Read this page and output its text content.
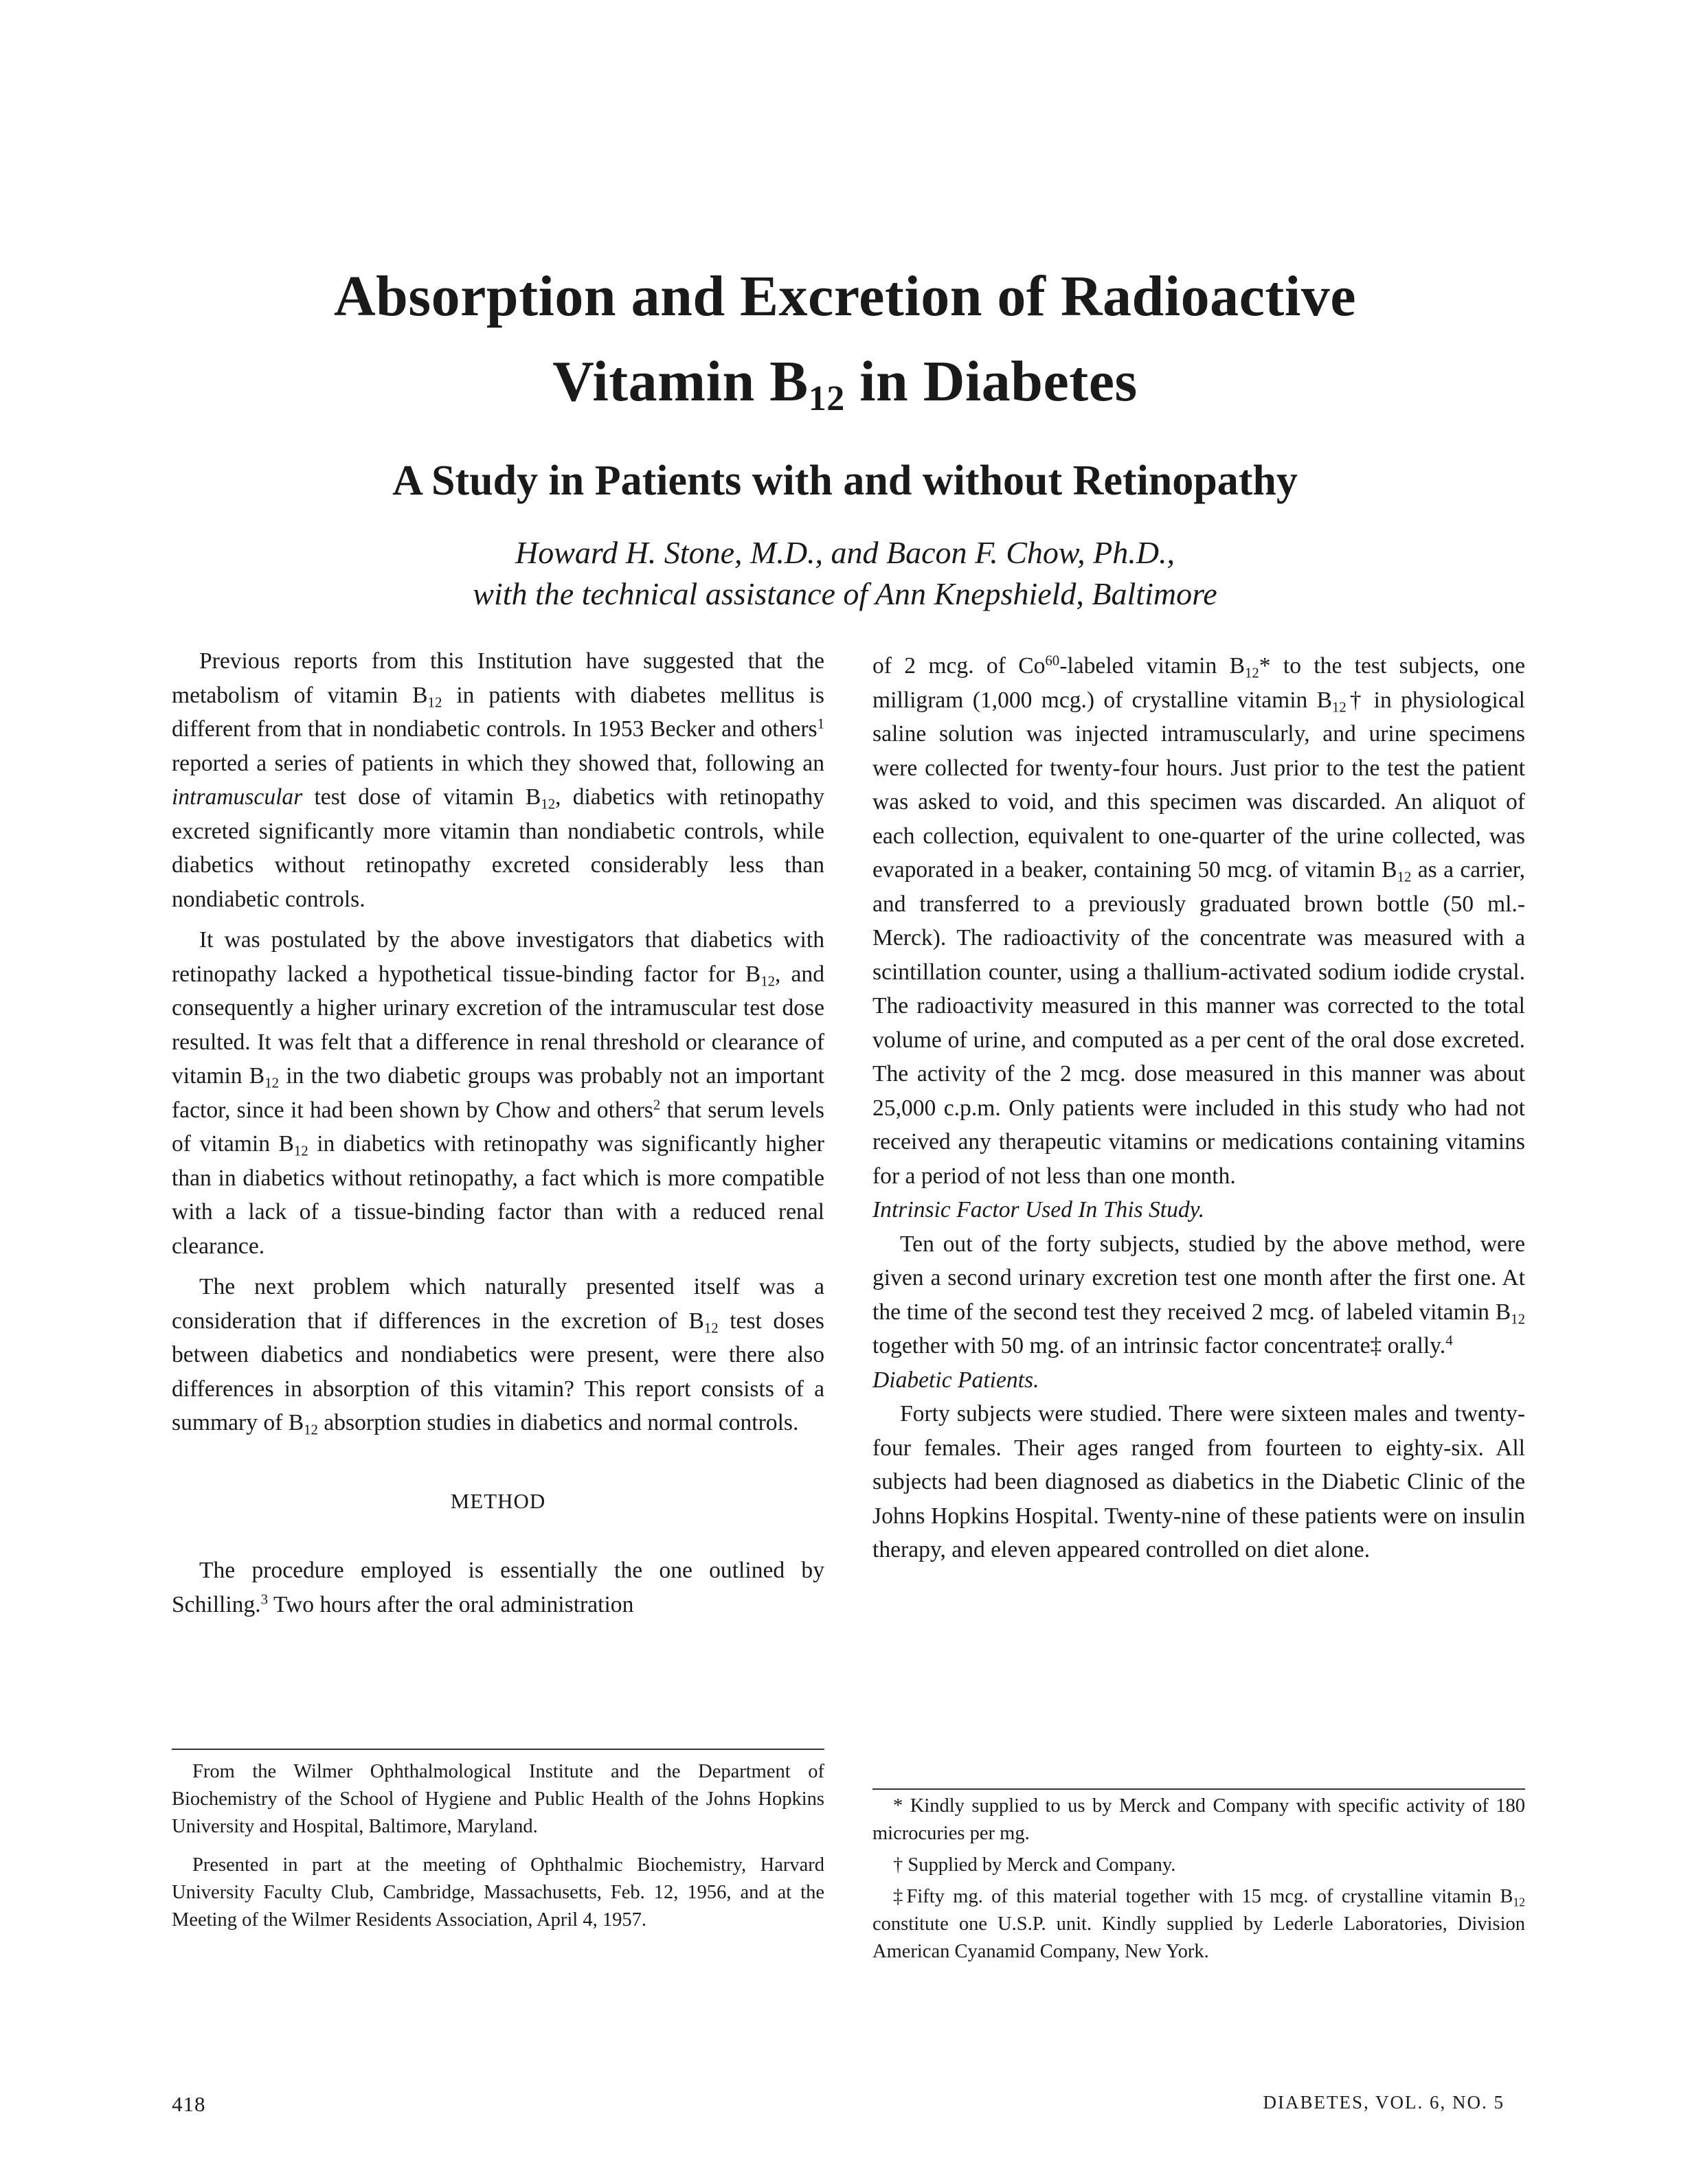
Absorption and Excretion of Radioactive
Vitamin $B_{12}$ in Diabetes
A Study in Patients with and without Retinopathy
Howard H. Stone, M.D., and Bacon F. Chow, Ph.D.,
with the technical assistance of Ann Knepshield, Baltimore

Previous reports from this Institution have suggested that the metabolism of vitamin $B_{12}$ in patients with diabetes mellitus is different from that in nondiabetic controls. In 1953 Becker and others$^1$ reported a series of patients in which they showed that, following an intramuscular test dose of vitamin $B_{12}$, diabetics with retinopathy excreted significantly more vitamin than nondiabetic controls, while diabetics without retinopathy excreted considerably less than nondiabetic controls.

It was postulated by the above investigators that diabetics with retinopathy lacked a hypothetical tissue-binding factor for $B_{12}$, and consequently a higher urinary excretion of the intramuscular test dose resulted. It was felt that a difference in renal threshold or clearance of vitamin $B_{12}$ in the two diabetic groups was probably not an important factor, since it had been shown by Chow and others$^2$ that serum levels of vitamin $B_{12}$ in diabetics with retinopathy was significantly higher than in diabetics without retinopathy, a fact which is more compatible with a lack of a tissue-binding factor than with a reduced renal clearance.

The next problem which naturally presented itself was a consideration that if differences in the excretion of $B_{12}$ test doses between diabetics and nondiabetics were present, were there also differences in absorption of this vitamin? This report consists of a summary of $B_{12}$ absorption studies in diabetics and normal controls.

METHOD

The procedure employed is essentially the one outlined by Schilling.$^3$ Two hours after the oral administration

of 2 mcg. of Co$^{60}$-labeled vitamin $B_{12}*$ to the test subjects, one milligram (1,000 mcg.) of crystalline vitamin $B_{12}\dagger$ in physiological saline solution was injected intramuscularly, and urine specimens were collected for twenty-four hours. Just prior to the test the patient was asked to void, and this specimen was discarded. An aliquot of each collection, equivalent to one-quarter of the urine collected, was evaporated in a beaker, containing 50 mcg. of vitamin $B_{12}$ as a carrier, and transferred to a previously graduated brown bottle (50 ml.-Merck). The radioactivity of the concentrate was measured with a scintillation counter, using a thallium-activated sodium iodide crystal. The radioactivity measured in this manner was corrected to the total volume of urine, and computed as a per cent of the oral dose excreted. The activity of the 2 mcg. dose measured in this manner was about 25,000 c.p.m. Only patients were included in this study who had not received any therapeutic vitamins or medications containing vitamins for a period of not less than one month.

Intrinsic Factor Used In This Study.

Ten out of the forty subjects, studied by the above method, were given a second urinary excretion test one month after the first one. At the time of the second test they received 2 mcg. of labeled vitamin $B_{12}$ together with 50 mg. of an intrinsic factor concentrate‡ orally.$^4$

Diabetic Patients.

Forty subjects were studied. There were sixteen males and twenty-four females. Their ages ranged from fourteen to eighty-six. All subjects had been diagnosed as diabetics in the Diabetic Clinic of the Johns Hopkins Hospital. Twenty-nine of these patients were on insulin therapy, and eleven appeared controlled on diet alone.

From the Wilmer Ophthalmological Institute and the Department of Biochemistry of the School of Hygiene and Public Health of the Johns Hopkins University and Hospital, Baltimore, Maryland.

Presented in part at the meeting of Ophthalmic Biochemistry, Harvard University Faculty Club, Cambridge, Massachusetts, Feb. 12, 1956, and at the Meeting of the Wilmer Residents Association, April 4, 1957.

* Kindly supplied to us by Merck and Company with specific activity of 180 microcuries per mg.

† Supplied by Merck and Company.

‡Fifty mg. of this material together with 15 mcg. of crystalline vitamin $B_{12}$ constitute one U.S.P. unit. Kindly supplied by Lederle Laboratories, Division American Cyanamid Company, New York.

418	DIABETES, VOL. 6, NO. 5
